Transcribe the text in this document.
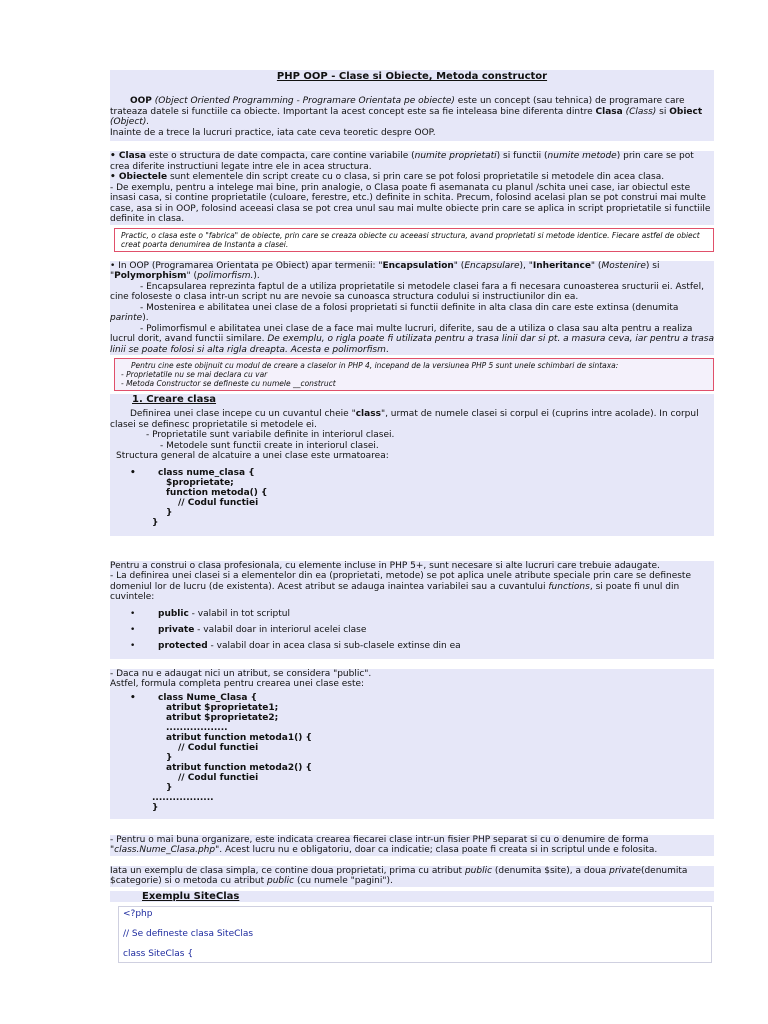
PHP OOP - Clase si Obiecte, Metoda constructor

OOP (Object Oriented Programming - Programare Orientata pe obiecte) este un concept (sau tehnica) de programare care trateaza datele si functiile ca obiecte. Important la acest concept este sa fie inteleasa bine diferenta dintre Clasa (Class) si Obiect (Object).

Inainte de a trece la lucruri practice, iata cate ceva teoretic despre OOP.

• Clasa este o structura de date compacta, care contine variabile (numite proprietati) si functii (numite metode) prin care se pot crea diferite instructiuni legate intre ele in acea structura.

• Obiectele sunt elementele din script create cu o clasa, si prin care se pot folosi proprietatile si metodele din acea clasa.

- De exemplu, pentru a intelege mai bine, prin analogie, o Clasa poate fi asemanata cu planul /schita unei case, iar obiectul este insasi casa, si contine proprietatile (culoare, ferestre, etc.) definite in schita. Precum, folosind acelasi plan se pot construi mai multe case, asa si in OOP, folosind aceeasi clasa se pot crea unul sau mai multe obiecte prin care se aplica in script proprietatile si functiile definite in clasa.

Practic, o clasa este o "fabrica" de obiecte, prin care se creaza obiecte cu aceeasi structura, avand proprietati si metode identice. Fiecare astfel de obiect creat poarta denumirea de Instanta a clasei.

• In OOP (Programarea Orientata pe Obiect) apar termenii: "Encapsulation" (Encapsulare), "Inheritance" (Mostenire) si "Polymorphism" (polimorfism.).

- Encapsularea reprezinta faptul de a utiliza proprietatile si metodele clasei fara a fi necesara cunoasterea sructurii ei. Astfel, cine foloseste o clasa intr-un script nu are nevoie sa cunoasca structura codului si instructiunilor din ea.

- Mostenirea e abilitatea unei clase de a folosi proprietati si functii definite in alta clasa din care este extinsa (denumita parinte).

- Polimorfismul e abilitatea unei clase de a face mai multe lucruri, diferite, sau de a utiliza o clasa sau alta pentru a realiza lucrul dorit, avand functii similare. De exemplu, o rigla poate fi utilizata pentru a trasa linii dar si pt. a masura ceva, iar pentru a trasa linii se poate folosi si alta rigla dreapta. Acesta e polimorfism.

Pentru cine este obijnuit cu modul de creare a claselor in PHP 4, incepand de la versiunea PHP 5 sunt unele schimbari de sintaxa:
- Proprietatile nu se mai declara cu var
- Metoda Constructor se defineste cu numele __construct
1. Creare clasa

Definirea unei clase incepe cu un cuvantul cheie "class", urmat de numele clasei si corpul ei (cuprins intre acolade). In corpul clasei se definesc proprietatile si metodele ei.

- Proprietatile sunt variabile definite in interiorul clasei.

- Metodele sunt functii create in interiorul clasei.

Structura general de alcatuire a unei clase este urmatoarea:

• class nume_clasa {
$proprietate;
function metoda() {
// Codul functiei
}
}

Pentru a construi o clasa profesionala, cu elemente incluse in PHP 5+, sunt necesare si alte lucruri care trebuie adaugate.

- La definirea unei clasei si a elementelor din ea (proprietati, metode) se pot aplica unele atribute speciale prin care se defineste domeniul lor de lucru (de existenta). Acest atribut se adauga inaintea variabilei sau a cuvantului functions, si poate fi unul din cuvintele:

•	public - valabil in tot scriptul
•	private - valabil doar in interiorul acelei clase
•	protected - valabil doar in acea clasa si sub-clasele extinse din ea

- Daca nu e adaugat nici un atribut, se considera "public".

Astfel, formula completa pentru crearea unei clase este:

• class Nume_Clasa {
atribut $proprietate1;
atribut $proprietate2;
..................
atribut function metoda1() {
// Codul functiei
}
atribut function metoda2() {
// Codul functiei
}
..................
}

- Pentru o mai buna organizare, este indicata crearea fiecarei clase intr-un fisier PHP separat si cu o denumire de forma "class.Nume_Clasa.php". Acest lucru nu e obligatoriu, doar ca indicatie; clasa poate fi creata si in scriptul unde e folosita.

Iata un exemplu de clasa simpla, ce contine doua proprietati, prima cu atribut public (denumita $site), a doua private(denumita $categorie) si o metoda cu atribut public (cu numele "pagini").

Exemplu SiteClas
<?php
// Se defineste clasa SiteClas
class SiteClas {
